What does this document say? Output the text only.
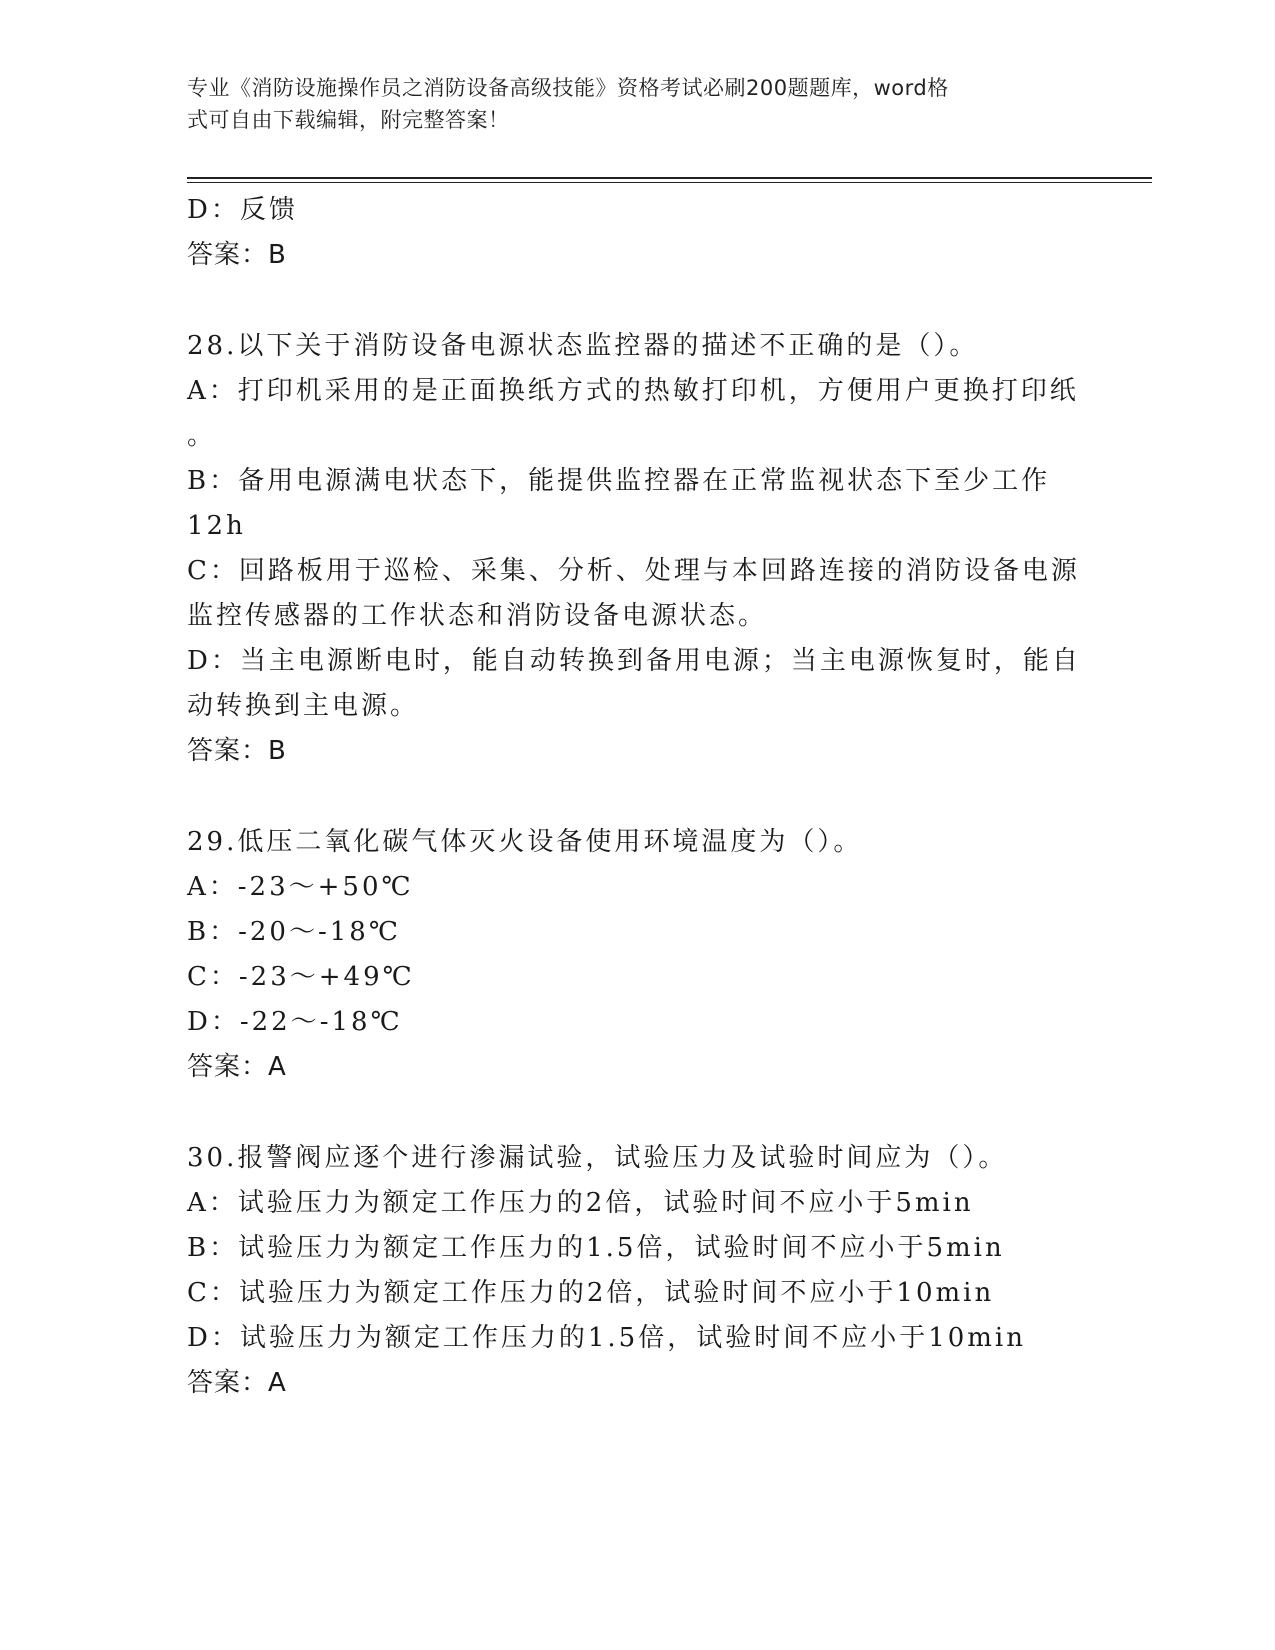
专业《消防设施操作员之消防设备高级技能》资格考试必刷200题题库，word格
式可自由下载编辑，附完整答案！
D：反馈
答案：B
28.以下关于消防设备电源状态监控器的描述不正确的是（）。
A：打印机采用的是正面换纸方式的热敏打印机，方便用户更换打印纸
。
B：备用电源满电状态下，能提供监控器在正常监视状态下至少工作
12h
C：回路板用于巡检、采集、分析、处理与本回路连接的消防设备电源
监控传感器的工作状态和消防设备电源状态。
D：当主电源断电时，能自动转换到备用电源；当主电源恢复时，能自
动转换到主电源。
答案：B
29.低压二氧化碳气体灭火设备使用环境温度为（）。
A：-23～+50℃
B：-20～-18℃
C：-23～+49℃
D：-22～-18℃
答案：A
30.报警阀应逐个进行渗漏试验，试验压力及试验时间应为（）。
A：试验压力为额定工作压力的2倍，试验时间不应小于5min
B：试验压力为额定工作压力的1.5倍，试验时间不应小于5min
C：试验压力为额定工作压力的2倍，试验时间不应小于10min
D：试验压力为额定工作压力的1.5倍，试验时间不应小于10min
答案：A
